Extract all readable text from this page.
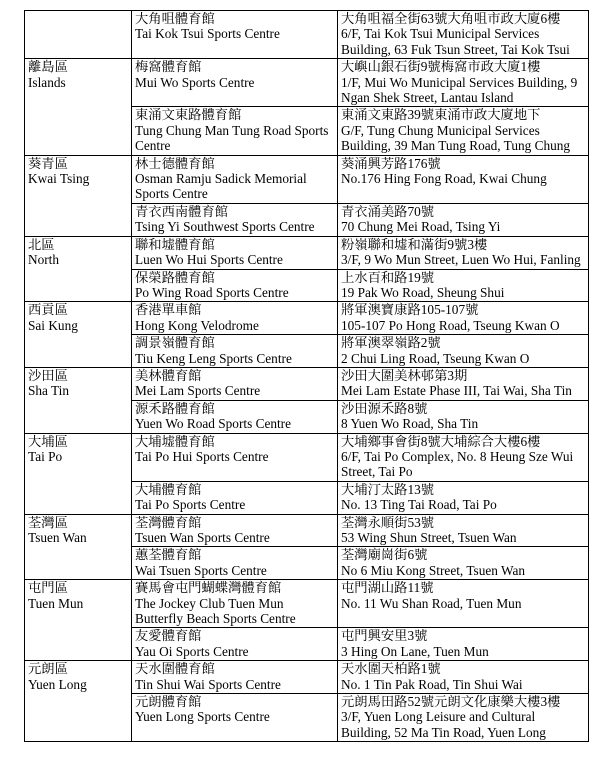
	大角咀體育館
Tai Kok Tsui Sports Centre	大角咀福全街63號大角咀市政大廈6樓
6/F, Tai Kok Tsui Municipal Services Building, 63 Fuk Tsun Street, Tai Kok Tsui

離島區
Islands	梅窩體育館
Mui Wo Sports Centre	大嶼山銀石街9號梅窩市政大廈1樓
1/F, Mui Wo Municipal Services Building, 9 Ngan Shek Street, Lantau Island

	東涌文東路體育館
Tung Chung Man Tung Road Sports Centre	東涌文東路39號東涌市政大廈地下
G/F, Tung Chung Municipal Services Building, 39 Man Tung Road, Tung Chung

葵青區
Kwai Tsing	林士德體育館
Osman Ramju Sadick Memorial Sports Centre	葵涌興芳路176號
No.176 Hing Fong Road, Kwai Chung

	青衣西南體育館
Tsing Yi Southwest Sports Centre	青衣涌美路70號
70 Chung Mei Road, Tsing Yi

北區
North	聯和墟體育館
Luen Wo Hui Sports Centre	粉嶺聯和墟和滿街9號3樓
3/F, 9 Wo Mun Street, Luen Wo Hui, Fanling

	保榮路體育館
Po Wing Road Sports Centre	上水百和路19號
19 Pak Wo Road, Sheung Shui

西貢區
Sai Kung	香港單車館
Hong Kong Velodrome	將軍澳寶康路105-107號
105-107 Po Hong Road, Tseung Kwan O

	調景嶺體育館
Tiu Keng Leng Sports Centre	將軍澳翠嶺路2號
2 Chui Ling Road, Tseung Kwan O

沙田區
Sha Tin	美林體育館
Mei Lam Sports Centre	沙田大圍美林邨第3期
Mei Lam Estate Phase III, Tai Wai, Sha Tin

	源禾路體育館
Yuen Wo Road Sports Centre	沙田源禾路8號
8 Yuen Wo Road, Sha Tin

大埔區
Tai Po	大埔墟體育館
Tai Po Hui Sports Centre	大埔鄉事會街8號大埔綜合大樓6樓
6/F, Tai Po Complex, No. 8 Heung Sze Wui Street, Tai Po

	大埔體育館
Tai Po Sports Centre	大埔汀太路13號
No. 13 Ting Tai Road, Tai Po

荃灣區
Tsuen Wan	荃灣體育館
Tsuen Wan Sports Centre	荃灣永順街53號
53 Wing Shun Street, Tsuen Wan

	蕙荃體育館
Wai Tsuen Sports Centre	荃灣廟崗街6號
No 6 Miu Kong Street, Tsuen Wan

屯門區
Tuen Mun	賽馬會屯門蝴蝶灣體育館
The Jockey Club Tuen Mun Butterfly Beach Sports Centre	屯門湖山路11號
No. 11 Wu Shan Road, Tuen Mun

	友愛體育館
Yau Oi Sports Centre	屯門興安里3號
3 Hing On Lane, Tuen Mun

元朗區
Yuen Long	天水圍體育館
Tin Shui Wai Sports Centre	天水圍天柏路1號
No. 1 Tin Pak Road, Tin Shui Wai

	元朗體育館
Yuen Long Sports Centre	元朗馬田路52號元朗文化康樂大樓3樓
3/F, Yuen Long Leisure and Cultural Building, 52 Ma Tin Road, Yuen Long
